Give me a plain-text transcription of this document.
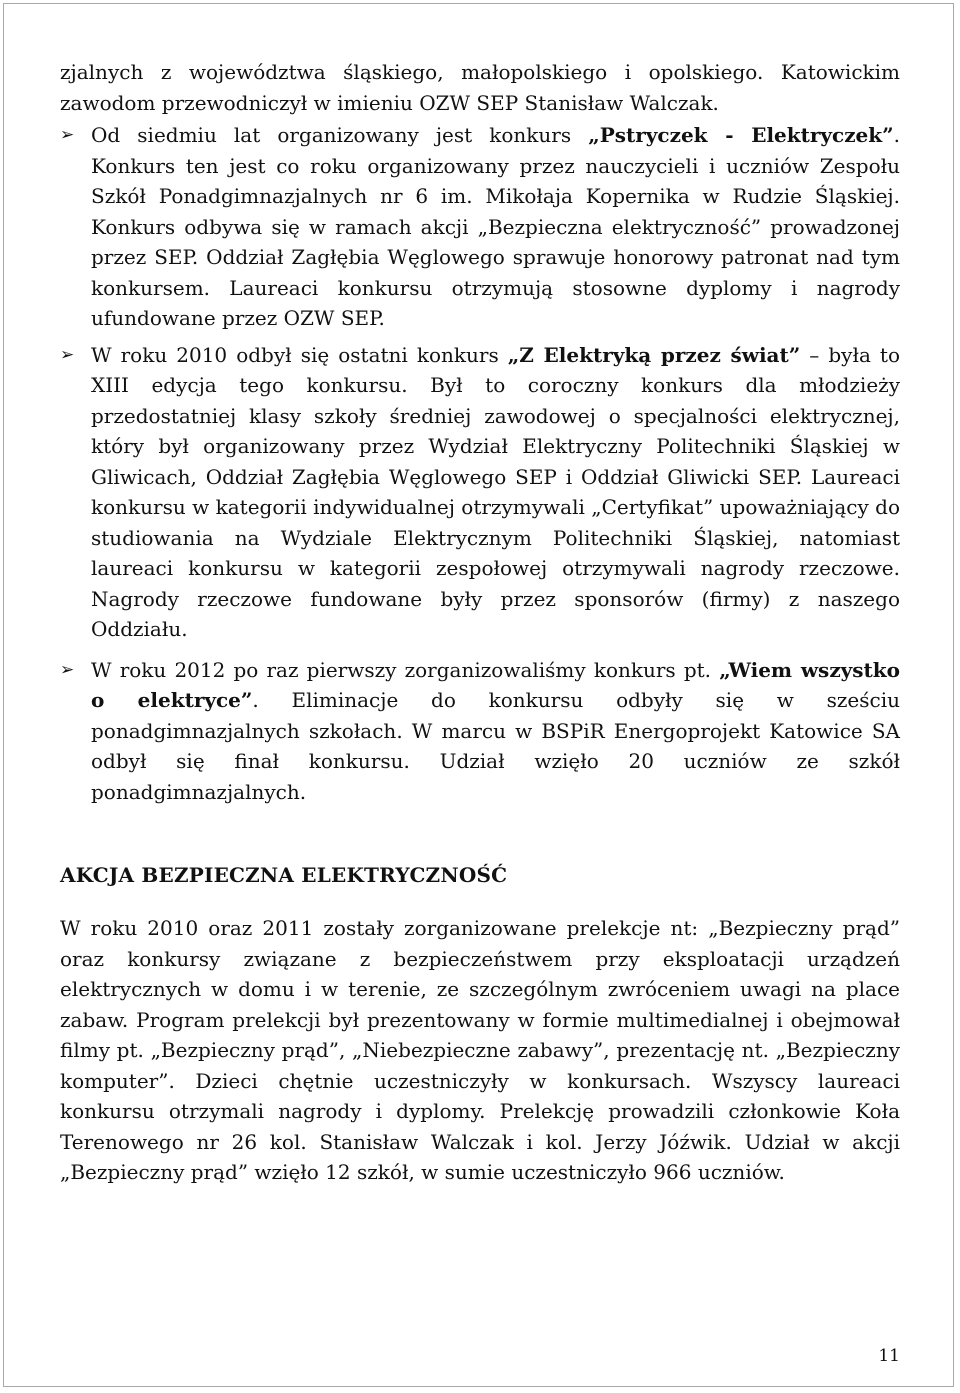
zjalnych z województwa śląskiego, małopolskiego i opolskiego. Katowickim zawodom przewodniczył w imieniu OZW SEP Stanisław Walczak.

➢ Od siedmiu lat organizowany jest konkurs „Pstryczek - Elektryczek”. Konkurs ten jest co roku organizowany przez nauczycieli i uczniów Zespołu Szkół Ponadgimnazjalnych nr 6 im. Mikołaja Kopernika w Rudzie Śląskiej. Konkurs odbywa się w ramach akcji „Bezpieczna elektryczność” prowadzonej przez SEP. Oddział Zagłębia Węglowego sprawuje honorowy patronat nad tym konkursem. Laureaci konkursu otrzymują stosowne dyplomy i nagrody ufundowane przez OZW SEP.

➢ W roku 2010 odbył się ostatni konkurs „Z Elektryką przez świat” – była to XIII edycja tego konkursu. Był to coroczny konkurs dla młodzieży przedostatniej klasy szkoły średniej zawodowej o specjalności elektrycznej, który był organizowany przez Wydział Elektryczny Politechniki Śląskiej w Gliwicach, Oddział Zagłębia Węglowego SEP i Oddział Gliwicki SEP. Laureaci konkursu w kategorii indywidualnej otrzymywali „Certyfikat” upoważniający do studiowania na Wydziale Elektrycznym Politechniki Śląskiej, natomiast laureaci konkursu w kategorii zespołowej otrzymywali nagrody rzeczowe. Nagrody rzeczowe fundowane były przez sponsorów (firmy) z naszego Oddziału.

➢ W roku 2012 po raz pierwszy zorganizowaliśmy konkurs pt. „Wiem wszystko o elektryce”. Eliminacje do konkursu odbyły się w sześciu ponadgimnazjalnych szkołach. W marcu w BSPiR Energoprojekt Katowice SA odbył się finał konkursu. Udział wzięło 20 uczniów ze szkół ponadgimnazjalnych.

AKCJA BEZPIECZNA ELEKTRYCZNOŚĆ

W roku 2010 oraz 2011 zostały zorganizowane prelekcje nt: „Bezpieczny prąd” oraz konkursy związane z bezpieczeństwem przy eksploatacji urządzeń elektrycznych w domu i w terenie, ze szczególnym zwróceniem uwagi na place zabaw. Program prelekcji był prezentowany w formie multimedialnej i obejmował filmy pt. „Bezpieczny prąd”, „Niebezpieczne zabawy”, prezentację nt. „Bezpieczny komputer”. Dzieci chętnie uczestniczyły w konkursach. Wszyscy laureaci konkursu otrzymali nagrody i dyplomy. Prelekcję prowadzili członkowie Koła Terenowego nr 26 kol. Stanisław Walczak i kol. Jerzy Jóźwik. Udział w akcji „Bezpieczny prąd” wzięło 12 szkół, w sumie uczestniczyło 966 uczniów.

11
